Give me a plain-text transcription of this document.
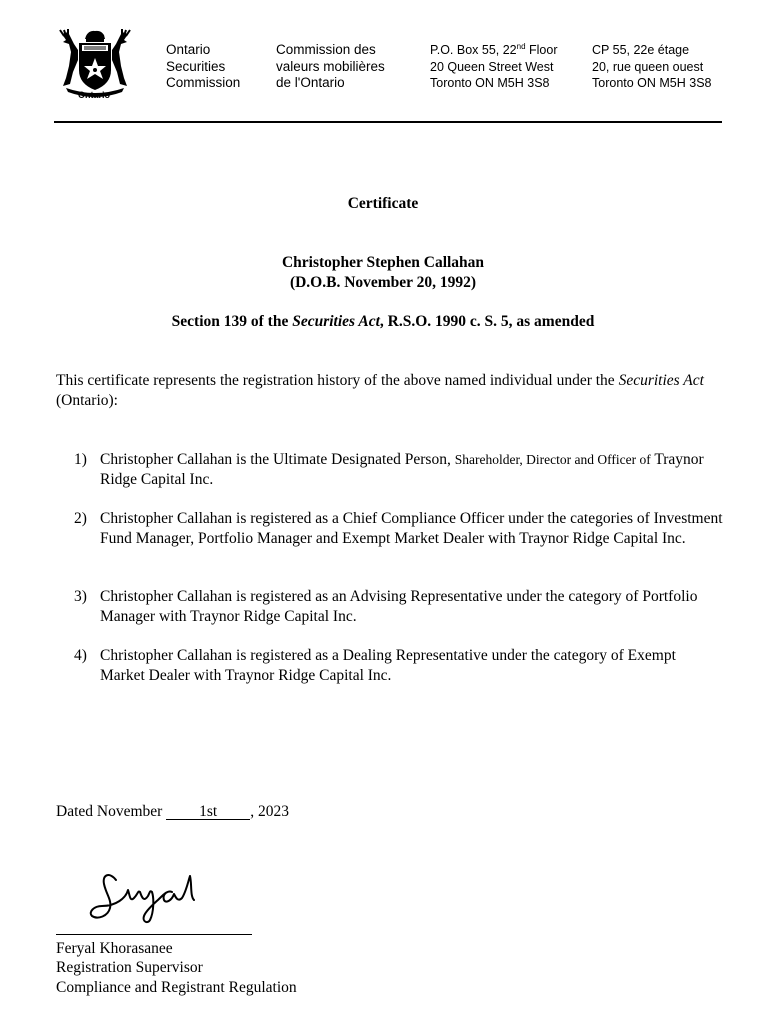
Ontario
Ontario
Securities
Commission
Commission des
valeurs mobilières
de l'Ontario
P.O. Box 55, 22nd Floor
20 Queen Street West
Toronto ON M5H 3S8
CP 55, 22e étage
20, rue queen ouest
Toronto ON M5H 3S8
Certificate
Christopher Stephen Callahan
(D.O.B. November 20, 1992)
Section 139 of the Securities Act, R.S.O. 1990 c. S. 5, as amended
This certificate represents the registration history of the above named individual under the Securities Act (Ontario):
1) Christopher Callahan is the Ultimate Designated Person, Shareholder, Director and Officer of Traynor Ridge Capital Inc.
2) Christopher Callahan is registered as a Chief Compliance Officer under the categories of Investment Fund Manager, Portfolio Manager and Exempt Market Dealer with Traynor Ridge Capital Inc.
3) Christopher Callahan is registered as an Advising Representative under the category of Portfolio Manager with Traynor Ridge Capital Inc.
4) Christopher Callahan is registered as a Dealing Representative under the category of Exempt Market Dealer with Traynor Ridge Capital Inc.
Dated November 1st , 2023
Feryal Khorasanee
Registration Supervisor
Compliance and Registrant Regulation
